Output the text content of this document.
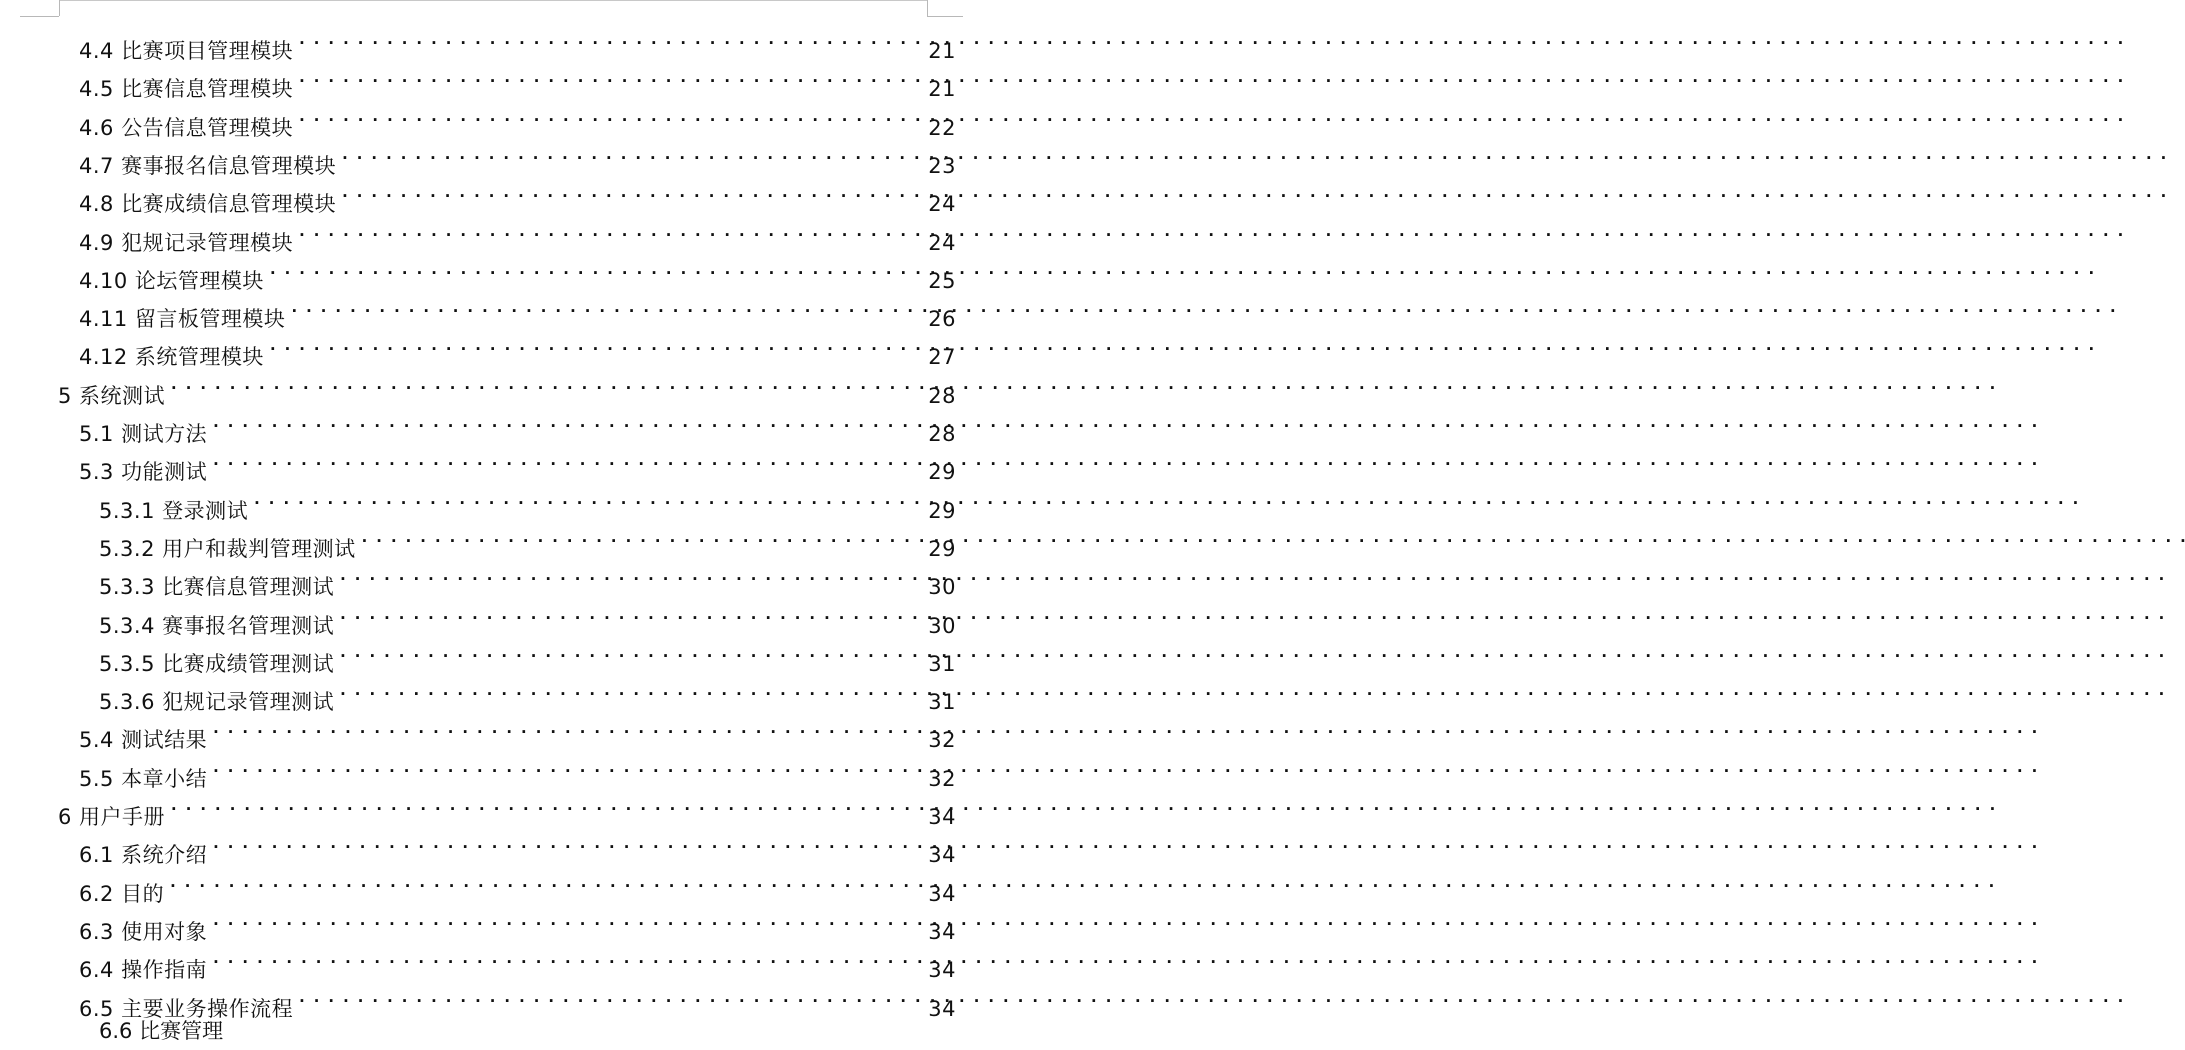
4.4 比赛项目管理模块 . . .	21
4.5 比赛信息管理模块 . . .	21
4.6 公告信息管理模块 . . .	22
4.7 赛事报名信息管理模块 . . .	23
4.8 比赛成绩信息管理模块 . . .	24
4.9 犯规记录管理模块 . . .	24
4.10 论坛管理模块 . . .	25
4.11 留言板管理模块 . . .	26
4.12 系统管理模块 . . .	27
5 系统测试 . . .	28
5.1 测试方法 . . .	28
5.3 功能测试 . . .	29
5.3.1 登录测试 . . .	29
5.3.2 用户和裁判管理测试 . . .	29
5.3.3 比赛信息管理测试 . . .	30
5.3.4 赛事报名管理测试 . . .	30
5.3.5 比赛成绩管理测试 . . .	31
5.3.6 犯规记录管理测试 . . .	31
5.4 测试结果 . . .	32
5.5 本章小结 . . .	32
6 用户手册 . . .	34
6.1 系统介绍 . . .	34
6.2 目的 . . .	34
6.3 使用对象 . . .	34
6.4 操作指南 . . .	34
6.5 主要业务操作流程 . . .	34
6.6 比赛管理
